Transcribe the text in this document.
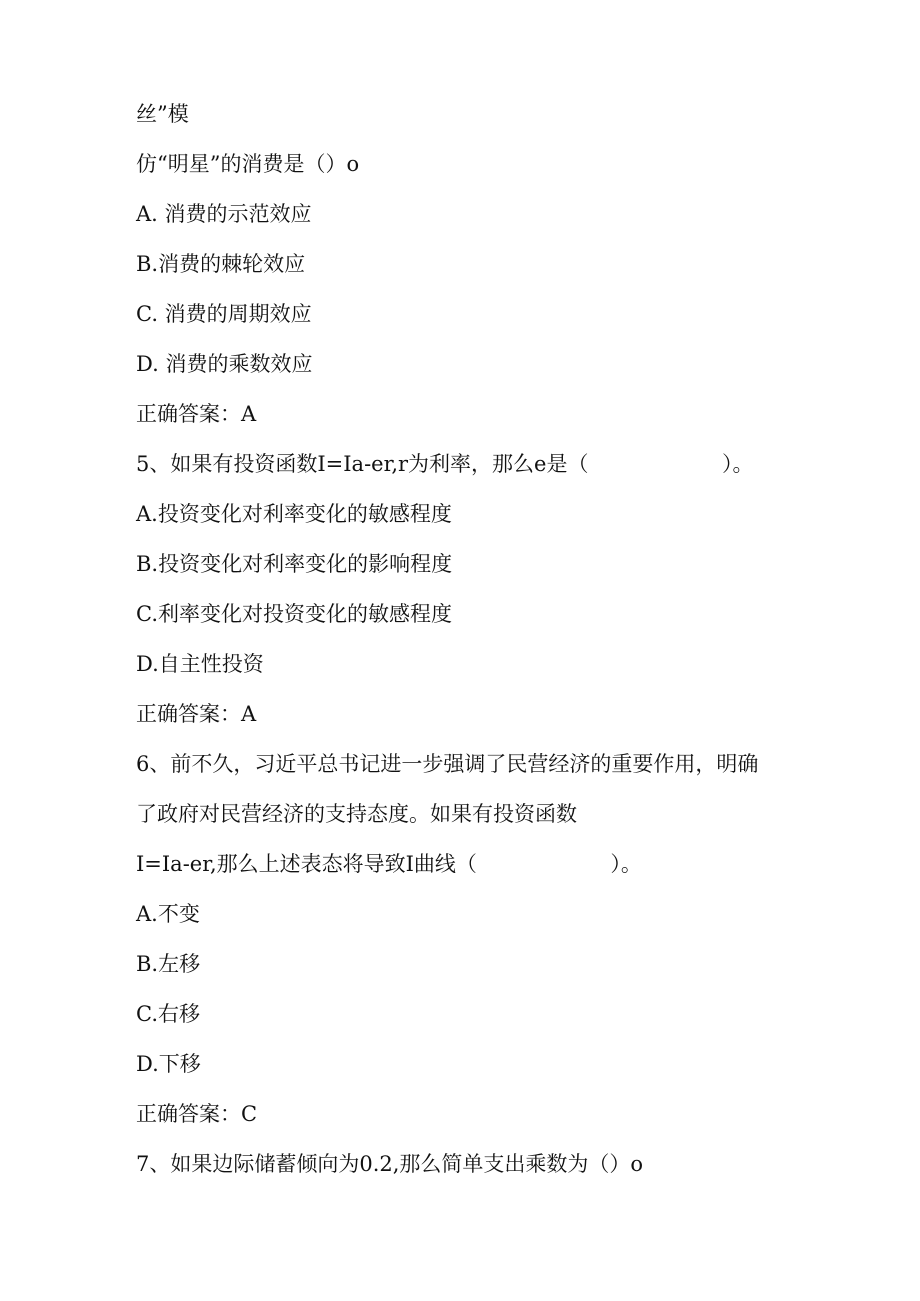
丝”模
仿“明星”的消费是（）o
A. 消费的示范效应
B.消费的棘轮效应
C. 消费的周期效应
D. 消费的乘数效应
正确答案：A
5、如果有投资函数I=Ia-er,r为利率，那么e是（                    ）。
A.投资变化对利率变化的敏感程度
B.投资变化对利率变化的影响程度
C.利率变化对投资变化的敏感程度
D.自主性投资
正确答案：A
6、前不久，习近平总书记进一步强调了民营经济的重要作用，明确
了政府对民营经济的支持态度。如果有投资函数
I=Ia-er,那么上述表态将导致I曲线（                    ）。
A.不变
B.左移
C.右移
D.下移
正确答案：C
7、如果边际储蓄倾向为0.2,那么简单支出乘数为（）o
